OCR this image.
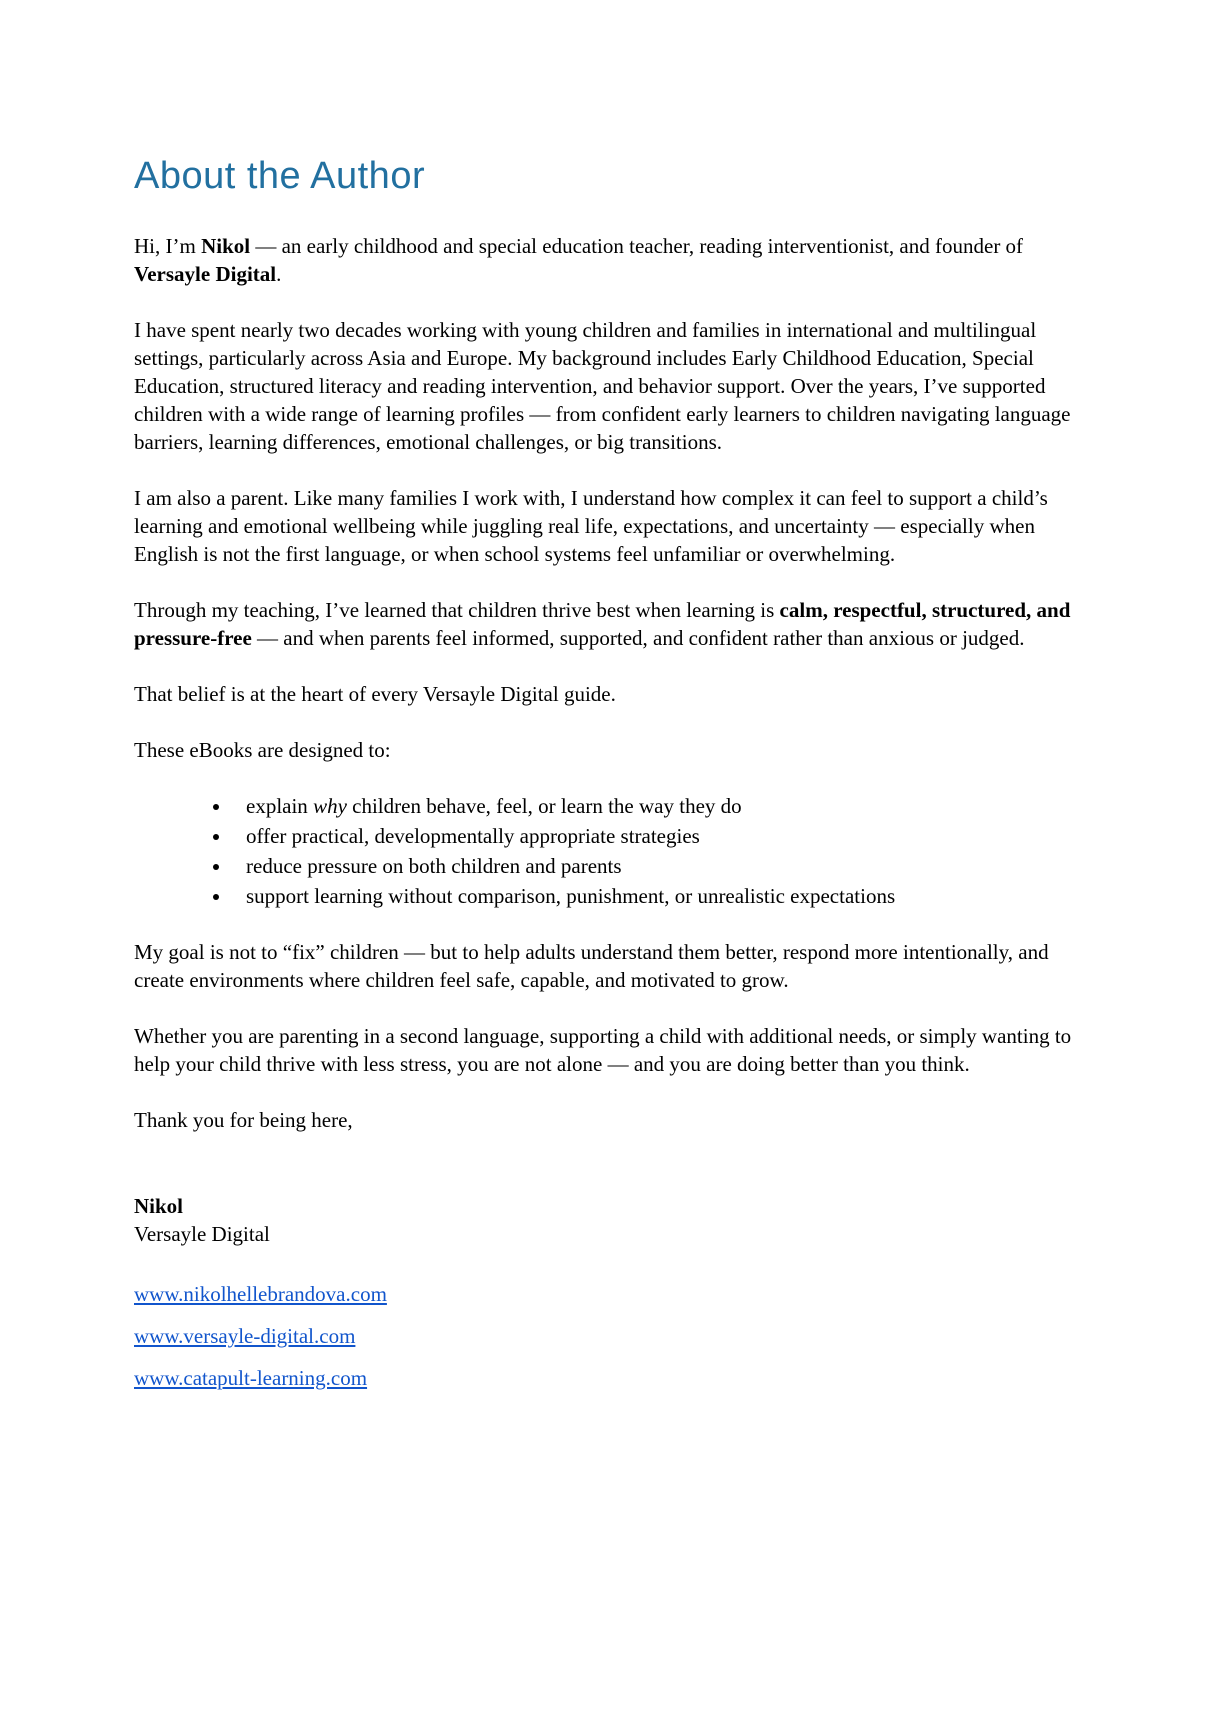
About the Author

Hi, I’m Nikol — an early childhood and special education teacher, reading interventionist, and founder of Versayle Digital.

I have spent nearly two decades working with young children and families in international and multilingual settings, particularly across Asia and Europe. My background includes Early Childhood Education, Special Education, structured literacy and reading intervention, and behavior support. Over the years, I’ve supported children with a wide range of learning profiles — from confident early learners to children navigating language barriers, learning differences, emotional challenges, or big transitions.

I am also a parent. Like many families I work with, I understand how complex it can feel to support a child’s learning and emotional wellbeing while juggling real life, expectations, and uncertainty — especially when English is not the first language, or when school systems feel unfamiliar or overwhelming.

Through my teaching, I’ve learned that children thrive best when learning is calm, respectful, structured, and pressure-free — and when parents feel informed, supported, and confident rather than anxious or judged.

That belief is at the heart of every Versayle Digital guide.

These eBooks are designed to:

• explain why children behave, feel, or learn the way they do
• offer practical, developmentally appropriate strategies
• reduce pressure on both children and parents
• support learning without comparison, punishment, or unrealistic expectations

My goal is not to “fix” children — but to help adults understand them better, respond more intentionally, and create environments where children feel safe, capable, and motivated to grow.

Whether you are parenting in a second language, supporting a child with additional needs, or simply wanting to help your child thrive with less stress, you are not alone — and you are doing better than you think.

Thank you for being here,

Nikol

Versayle Digital

www.nikolhellebrandova.com

www.versayle-digital.com

www.catapult-learning.com
